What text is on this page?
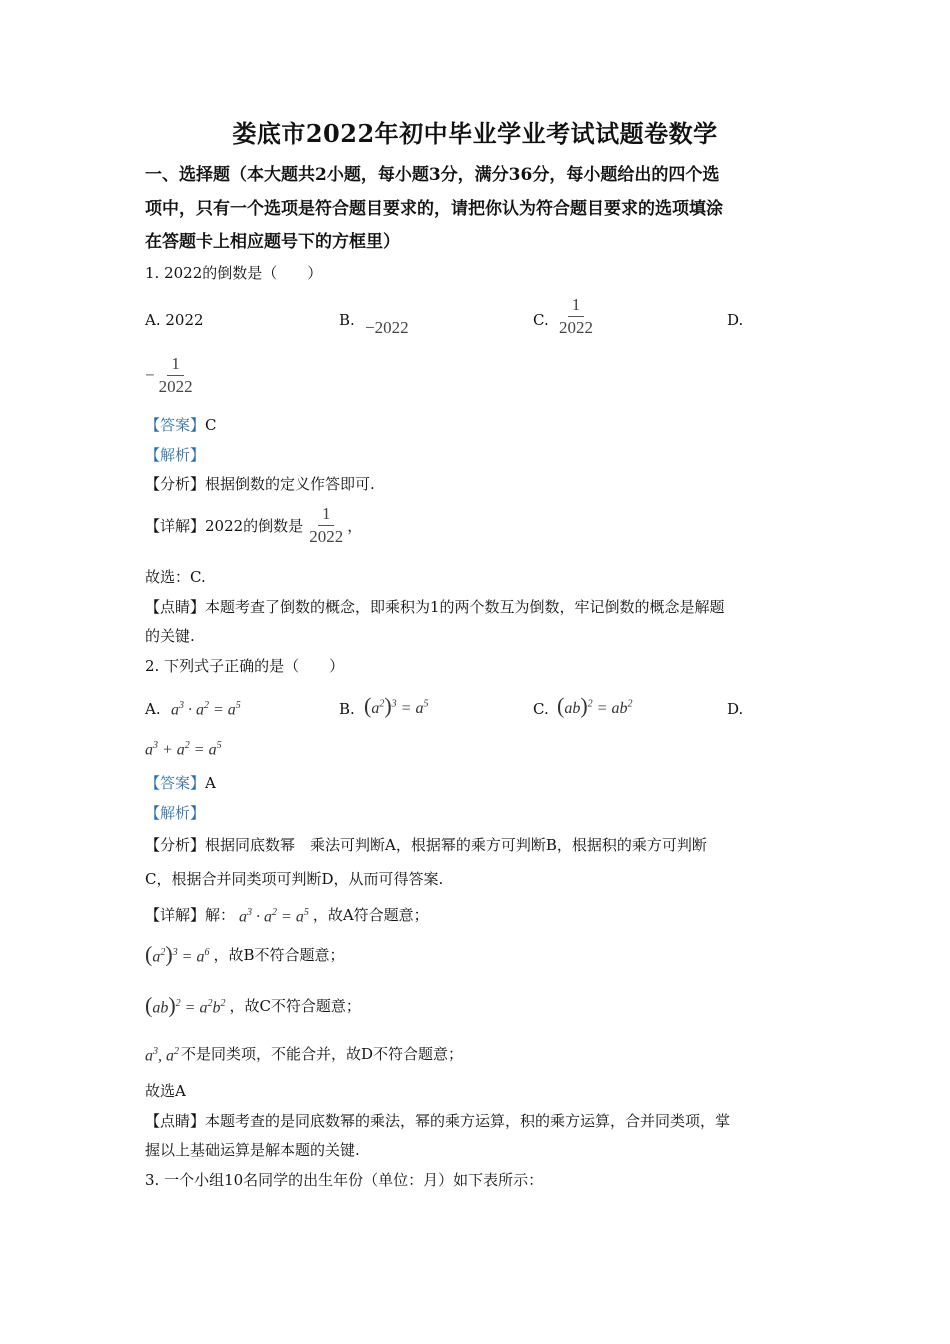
娄底市2022年初中毕业学业考试试题卷数学
一、选择题（本大题共2小题，每小题3分，满分36分，每小题给出的四个选
项中，只有一个选项是符合题目要求的，请把你认为符合题目要求的选项填涂
在答题卡上相应题号下的方框里）
1. 2022的倒数是（　　）
A. 2022	B. −2022	C. $\frac{1}{2022}$	D.
− $\frac{1}{2022}$
【答案】C
【解析】
【分析】根据倒数的定义作答即可.
【详解】2022的倒数是 $\frac{1}{2022}$ ，
故选：C.
【点睛】本题考查了倒数的概念，即乘积为1的两个数互为倒数，牢记倒数的概念是解题
的关键.
2. 下列式子正确的是（　　）
A. $a^3 \cdot a^2 = a^5$	B. $(a^2)^3 = a^5$	C. $(ab)^2 = ab^2$	D.
$a^3 + a^2 = a^5$
【答案】A
【解析】
【分析】根据同底数幂　乘法可判断A，根据幂的乘方可判断B，根据积的乘方可判断
C，根据合并同类项可判断D，从而可得答案.
【详解】解： $a^3 \cdot a^2 = a^5$ ，故A符合题意；
$(a^2)^3 = a^6$ ，故B不符合题意；
$(ab)^2 = a^2b^2$ ，故C不符合题意；
$a^3$, $a^2$ 不是同类项，不能合并，故D不符合题意；
故选A
【点睛】本题考查的是同底数幂的乘法，幂的乘方运算，积的乘方运算，合并同类项，掌
握以上基础运算是解本题的关键.
3. 一个小组10名同学的出生年份（单位：月）如下表所示：
